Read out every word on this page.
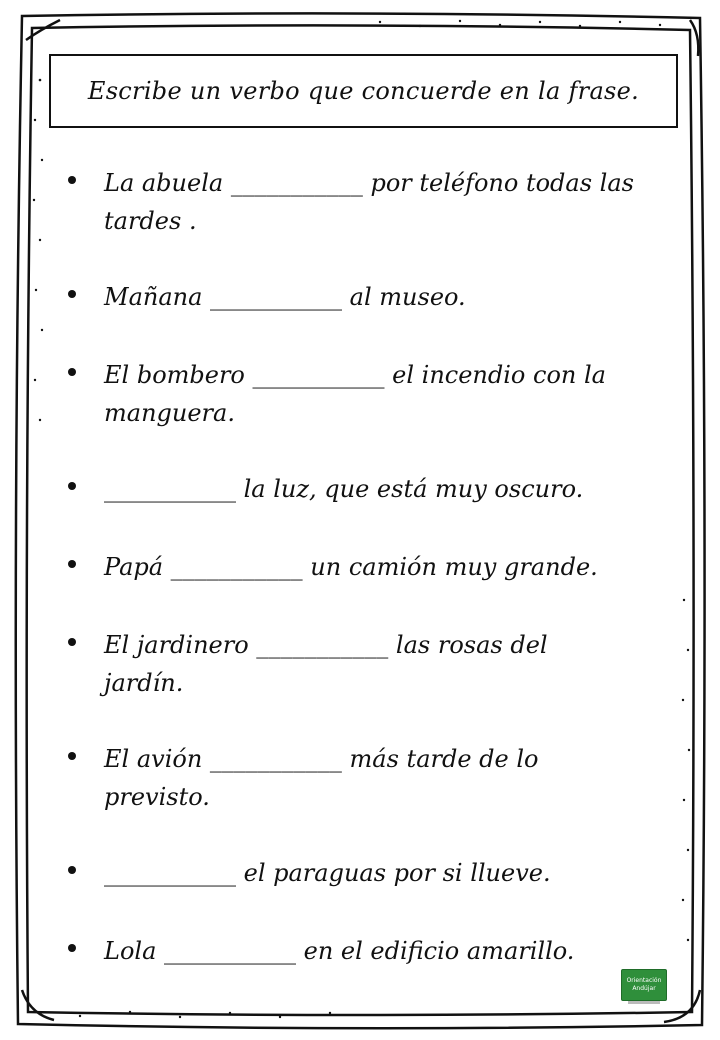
Escribe un verbo que concuerde en la frase.
La abuela ___________ por teléfono todas las
tardes .
Mañana ___________ al museo.
El bombero ___________ el incendio con la
manguera.
___________ la luz, que está muy oscuro.
Papá ___________ un camión muy grande.
El jardinero ___________ las rosas del
jardín.
El avión ___________ más tarde de lo
previsto.
___________ el paraguas por si llueve.
Lola ___________ en el edificio amarillo.
Orientación
Andújar
